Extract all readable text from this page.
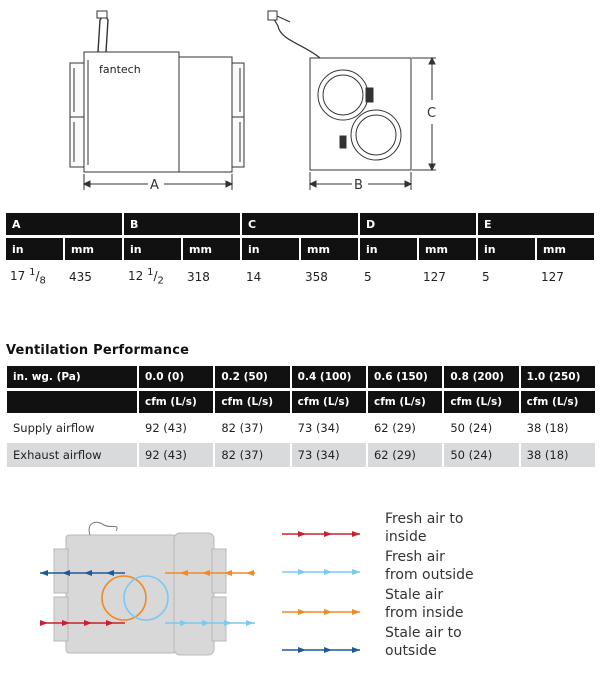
fantech
A	B
C
A		B		C		D		E	
in	mm	in	mm	in	mm	in	mm	in	mm
17 $^1/_8$	435	12 $^1/_2$	318	14	358	5	127	5	127
Ventilation Performance
in. wg. (Pa)	0.0 (0)	0.2 (50)	0.4 (100)	0.6 (150)	0.8 (200)	1.0 (250)
	cfm (L/s)	cfm (L/s)	cfm (L/s)	cfm (L/s)	cfm (L/s)	cfm (L/s)
Supply airflow	92 (43)	82 (37)	73 (34)	62 (29)	50 (24)	38 (18)
Exhaust airflow	92 (43)	82 (37)	73 (34)	62 (29)	50 (24)	38 (18)
Fresh air to
inside
Fresh air
from outside
Stale air
from inside
Stale air to
outside
